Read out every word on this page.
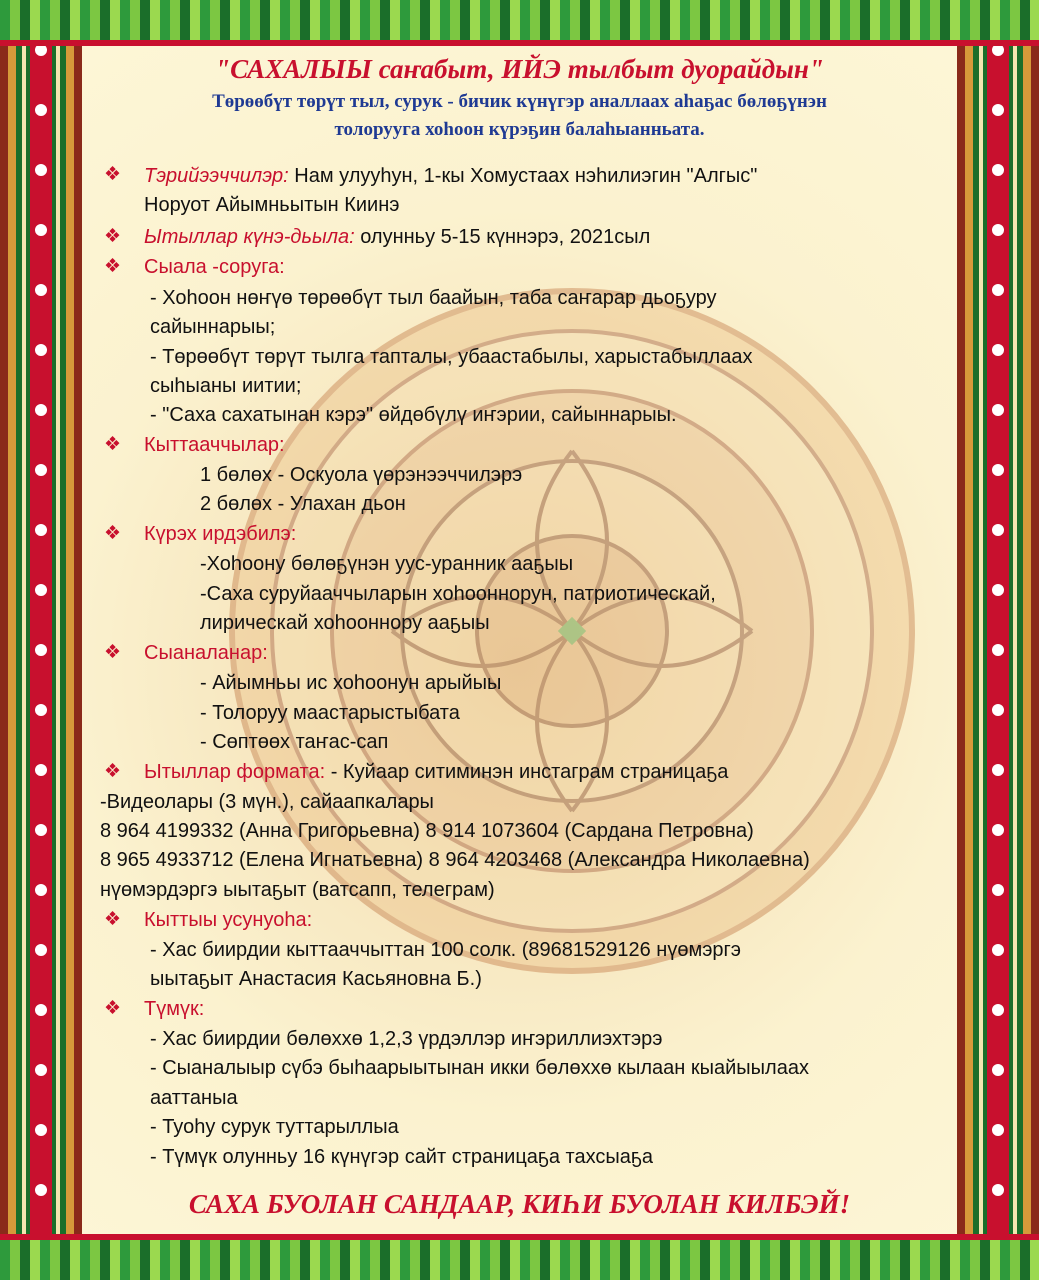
"САХАЛЫЫ саҥабыт, ИЙЭ тылбыт дуорайдын"
Төрөөбүт төрүт тыл, сурук - бичик күнүгэр аналлаах аһаҕас бөлөҕүнэн
толоруугa хоһоон күрэҕин балаһыанньата.
❖ Тэрийээччилэр: Нам улууһун, 1-кы Хомустаах нэһилиэгин "Алгыс"
Норуот Айымньытын Киинэ
❖ Ытыллар күнэ-дьыла: олунньу 5-15 күннэрэ, 2021сыл
❖ Сыала -соруга:
- Хоһоон нөҥүө төрөөбүт тыл баайын, таба саҥарар дьоҕуру
сайыннарыы;
- Төрөөбүт төрүт тылга тапталы, убаастабылы, харыстабыллаах
сыһыаны иитии;
- "Саха сахатынан кэрэ" өйдөбүлү иҥэрии, сайыннарыы.
❖ Кыттааччылар:
1 бөлөх - Оскуола үөрэнээччилэрэ
2 бөлөх - Улахан дьон
❖ Күрэх ирдэбилэ:
-Хоһоону бөлөҕүнэн уус-уранник ааҕыы
-Саха суруйааччыларын хоһооннорун, патриотическай,
лирическай хоһооннору ааҕыы
❖ Сыаналанар:
- Айымньы ис хоһоонун арыйыы
- Толоруу маастарыстыбата
- Сөптөөх таҥас-сап
❖ Ытыллар формата: - Куйаар ситиминэн инстаграм страницаҕа
-Видеолары (3 мүн.), сайаапкалары
8 964 4199332 (Анна Григорьевна) 8 914 1073604 (Сардана Петровна)
8 965 4933712 (Елена Игнатьевна) 8 964 4203468 (Александра Николаевна)
нүөмэрдэргэ ыытаҕыт (ватсапп, телеграм)
❖ Кыттыы усунуоһа:
- Хас биирдии кыттааччыттан 100 солк. (89681529126 нүөмэргэ
ыытаҕыт Анастасия Касьяновна Б.)
❖ Түмүк:
- Хас биирдии бөлөххө 1,2,3 үрдэллэр иҥэриллиэхтэрэ
- Сыаналыыр сүбэ быһаарыытынан икки бөлөххө кылаан кыайыылаах
ааттаныа
- Туоһу сурук туттарыллыа
- Түмүк олунньу 16 күнүгэр сайт страницаҕа тахсыаҕа
САХА БУОЛАН САНДААР, КИҺИ БУОЛАН КИЛБЭЙ!
